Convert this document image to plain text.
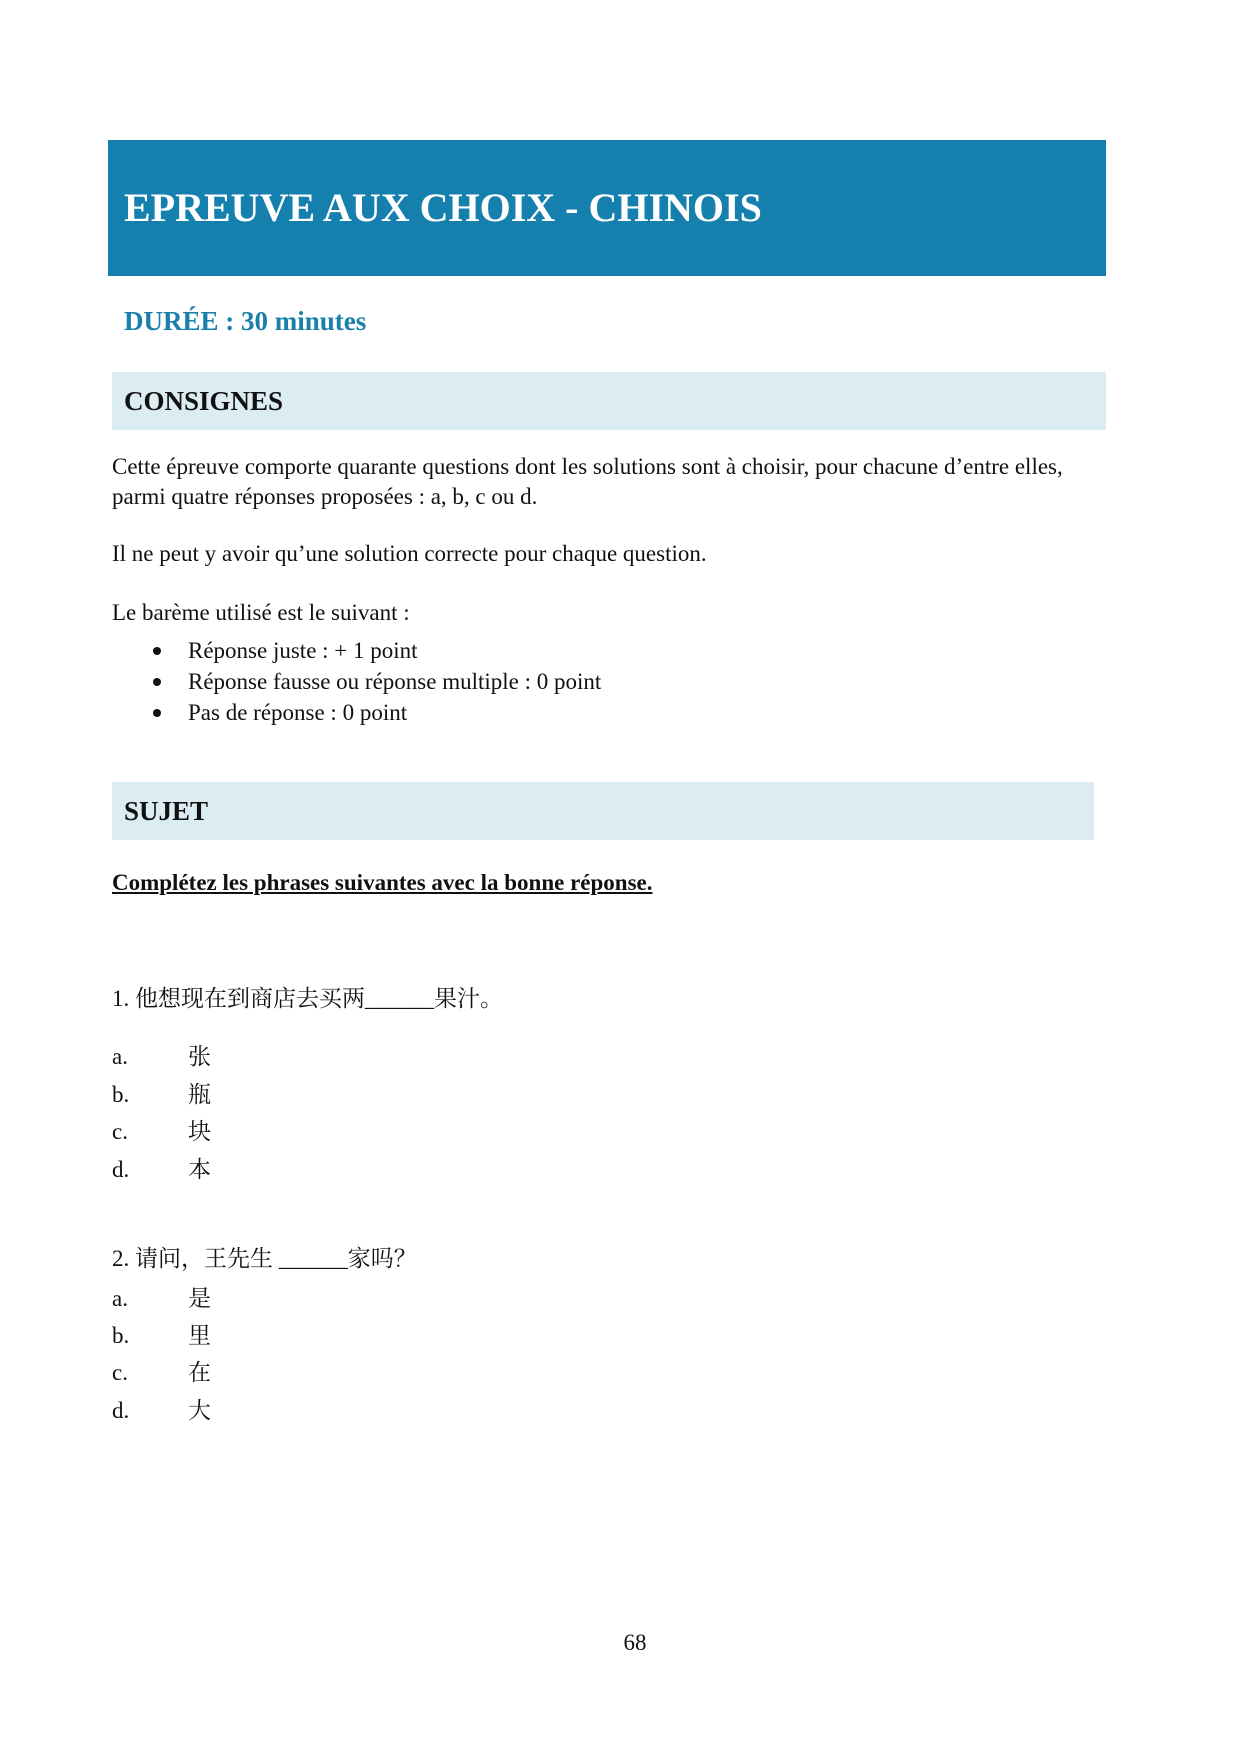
EPREUVE AUX CHOIX - CHINOIS
DURÉE : 30 minutes
CONSIGNES

Cette épreuve comporte quarante questions dont les solutions sont à choisir, pour chacune d’entre elles,

parmi quatre réponses proposées : a, b, c ou d.

Il ne peut y avoir qu’une solution correcte pour chaque question.

Le barème utilisé est le suivant :

Réponse juste : + 1 point
Réponse fausse ou réponse multiple : 0 point
Pas de réponse : 0 point
SUJET
Complétez les phrases suivantes avec la bonne réponse.
1. 他想现在到商店去买两______果汁。
a.	张
b.	瓶
c.	块
d.	本
2. 请问，王先生 ______家吗？
a.	是
b.	里
c.	在
d.	大
68
